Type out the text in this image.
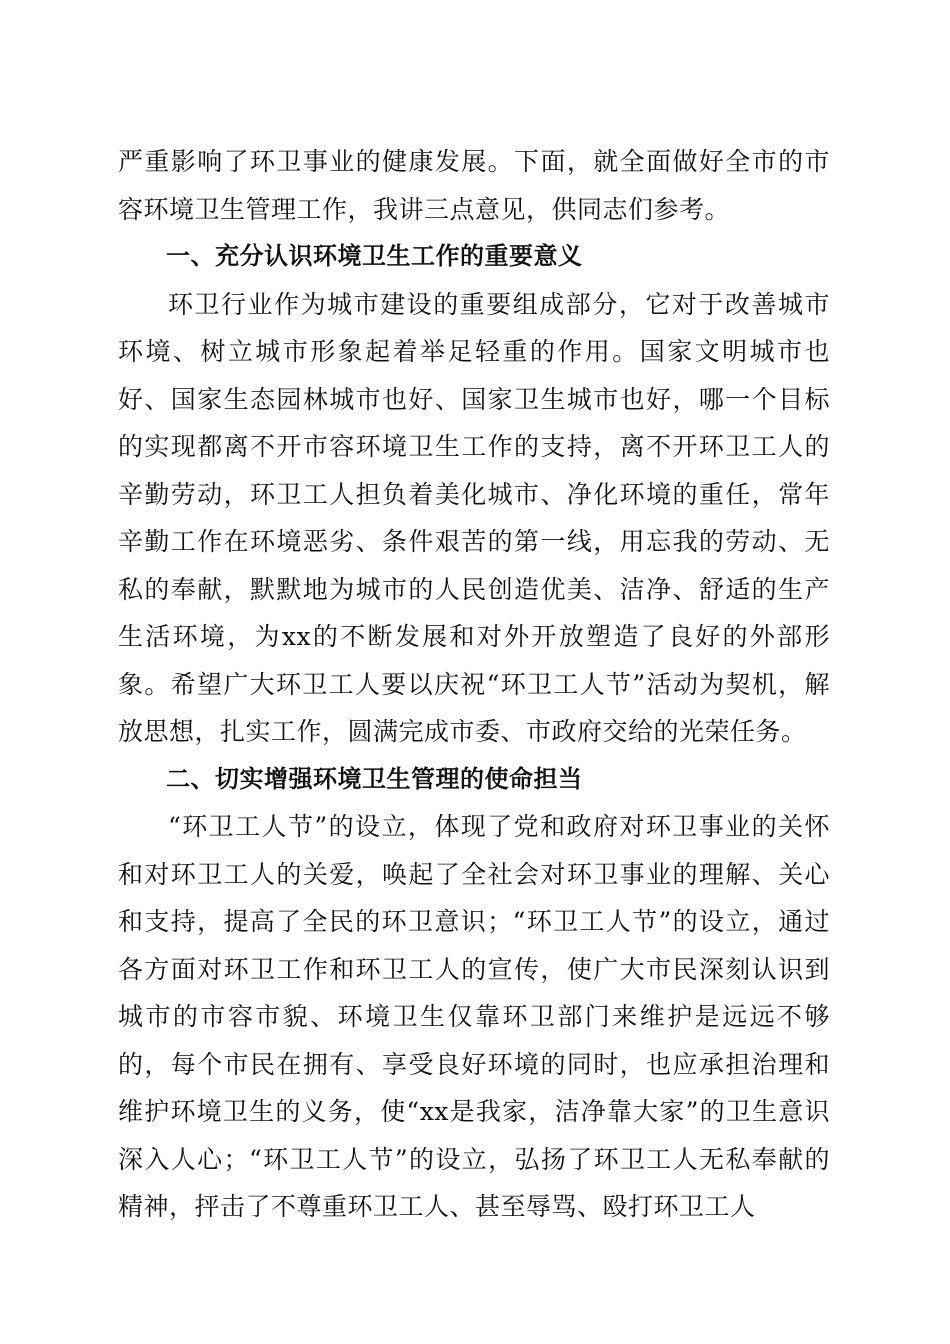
严重影响了环卫事业的健康发展。下面，就全面做好全市的市容环境卫生管理工作，我讲三点意见，供同志们参考。

一、充分认识环境卫生工作的重要意义

环卫行业作为城市建设的重要组成部分，它对于改善城市环境、树立城市形象起着举足轻重的作用。国家文明城市也好、国家生态园林城市也好、国家卫生城市也好，哪一个目标的实现都离不开市容环境卫生工作的支持，离不开环卫工人的辛勤劳动，环卫工人担负着美化城市、净化环境的重任，常年辛勤工作在环境恶劣、条件艰苦的第一线，用忘我的劳动、无私的奉献，默默地为城市的人民创造优美、洁净、舒适的生产生活环境，为xx的不断发展和对外开放塑造了良好的外部形象。希望广大环卫工人要以庆祝“环卫工人节”活动为契机，解放思想，扎实工作，圆满完成市委、市政府交给的光荣任务。

二、切实增强环境卫生管理的使命担当

“环卫工人节”的设立，体现了党和政府对环卫事业的关怀和对环卫工人的关爱，唤起了全社会对环卫事业的理解、关心和支持，提高了全民的环卫意识；“环卫工人节”的设立，通过各方面对环卫工作和环卫工人的宣传，使广大市民深刻认识到城市的市容市貌、环境卫生仅靠环卫部门来维护是远远不够的，每个市民在拥有、享受良好环境的同时，也应承担治理和维护环境卫生的义务，使“xx是我家，洁净靠大家”的卫生意识深入人心；“环卫工人节”的设立，弘扬了环卫工人无私奉献的精神，抨击了不尊重环卫工人、甚至辱骂、殴打环卫工人
